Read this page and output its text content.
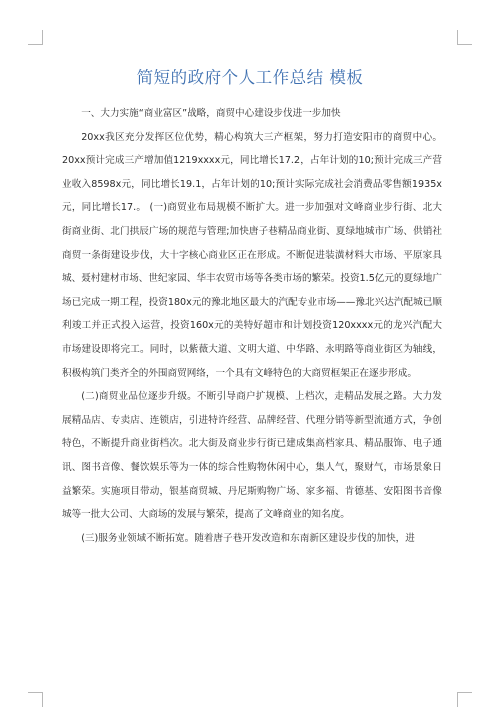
简短的政府个人工作总结 模板

一、大力实施“商业富区”战略，商贸中心建设步伐进一步加快

20xx我区充分发挥区位优势，精心构筑大三产框架，努力打造安阳市的商贸中心。20xx预计完成三产增加值1219xxxx元，同比增长17.2，占年计划的10;预计完成三产营业收入8598x元，同比增长19.1，占年计划的10;预计实际完成社会消费品零售额1935x元，同比增长17.。 (一)商贸业布局规模不断扩大。进一步加强对文峰商业步行街、北大街商业街、北门拱辰广场的规范与管理;加快唐子巷精品商业街、夏绿地城市广场、供销社商贸一条街建设步伐，大十字核心商业区正在形成。不断促进装潢材料大市场、平原家具城、聂村建材市场、世纪家园、华丰农贸市场等各类市场的繁荣。投资1.5亿元的夏绿地广场已完成一期工程，投资180x元的豫北地区最大的汽配专业市场——豫北兴达汽配城已顺利竣工并正式投入运营，投资160x元的美特好超市和计划投资120xxxx元的龙兴汽配大市场建设即将完工。同时，以紫薇大道、文明大道、中华路、永明路等商业街区为轴线，积极构筑门类齐全的外围商贸网络，一个具有文峰特色的大商贸框架正在逐步形成。

(二)商贸业品位逐步升级。不断引导商户扩规模、上档次，走精品发展之路。大力发展精品店、专卖店、连锁店，引进特许经营、品牌经营、代理分销等新型流通方式，争创特色，不断提升商业街档次。北大街及商业步行街已建成集高档家具、精品服饰、电子通讯、图书音像、餐饮娱乐等为一体的综合性购物休闲中心，集人气，聚财气，市场景象日益繁荣。实施项目带动，银基商贸城、丹尼斯购物广场、家多福、肯德基、安阳图书音像城等一批大公司、大商场的发展与繁荣，提高了文峰商业的知名度。

(三)服务业领域不断拓宽。随着唐子巷开发改造和东南新区建设步伐的加快，进
